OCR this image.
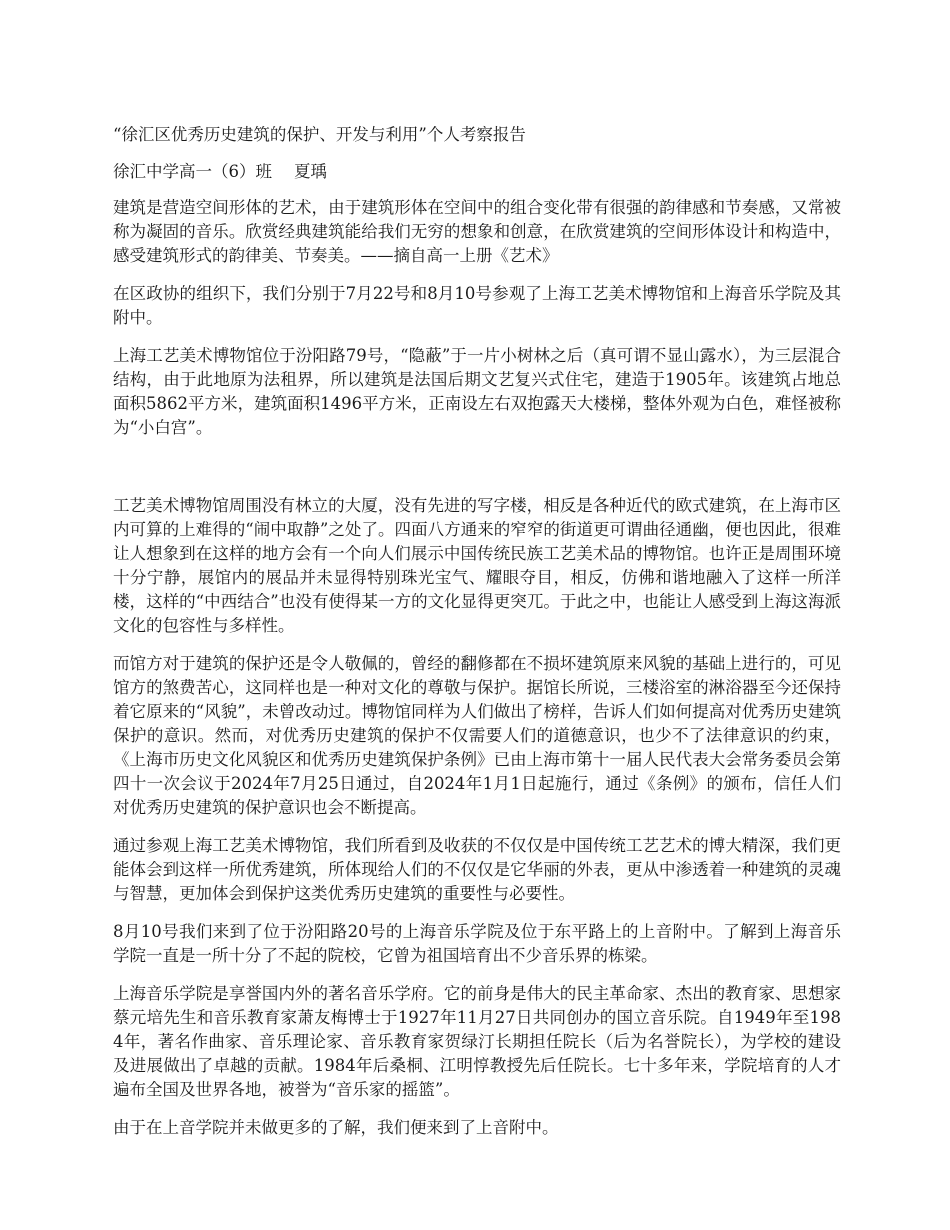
“徐汇区优秀历史建筑的保护、开发与利用”个人考察报告

徐汇中学高一（6）班 夏瑀

建筑是营造空间形体的艺术，由于建筑形体在空间中的组合变化带有很强的韵律感和节奏感，又常被称为凝固的音乐。欣赏经典建筑能给我们无穷的想象和创意，在欣赏建筑的空间形体设计和构造中，感受建筑形式的韵律美、节奏美。——摘自高一上册《艺术》

在区政协的组织下，我们分别于7月22号和8月10号参观了上海工艺美术博物馆和上海音乐学院及其附中。

上海工艺美术博物馆位于汾阳路79号，“隐蔽”于一片小树林之后（真可谓不显山露水），为三层混合结构，由于此地原为法租界，所以建筑是法国后期文艺复兴式住宅，建造于1905年。该建筑占地总面积5862平方米，建筑面积1496平方米，正南设左右双抱露天大楼梯，整体外观为白色，难怪被称为“小白宫”。

工艺美术博物馆周围没有林立的大厦，没有先进的写字楼，相反是各种近代的欧式建筑，在上海市区内可算的上难得的“闹中取静”之处了。四面八方通来的窄窄的街道更可谓曲径通幽，便也因此，很难让人想象到在这样的地方会有一个向人们展示中国传统民族工艺美术品的博物馆。也许正是周围环境十分宁静，展馆内的展品并未显得特别珠光宝气、耀眼夺目，相反，仿佛和谐地融入了这样一所洋楼，这样的“中西结合”也没有使得某一方的文化显得更突兀。于此之中，也能让人感受到上海这海派文化的包容性与多样性。

而馆方对于建筑的保护还是令人敬佩的，曾经的翻修都在不损坏建筑原来风貌的基础上进行的，可见馆方的煞费苦心，这同样也是一种对文化的尊敬与保护。据馆长所说，三楼浴室的淋浴器至今还保持着它原来的“风貌”，未曾改动过。博物馆同样为人们做出了榜样，告诉人们如何提高对优秀历史建筑保护的意识。然而，对优秀历史建筑的保护不仅需要人们的道德意识，也少不了法律意识的约束，《上海市历史文化风貌区和优秀历史建筑保护条例》已由上海市第十一届人民代表大会常务委员会第四十一次会议于2024年7月25日通过，自2024年1月1日起施行，通过《条例》的颁布，信任人们对优秀历史建筑的保护意识也会不断提高。

通过参观上海工艺美术博物馆，我们所看到及收获的不仅仅是中国传统工艺艺术的博大精深，我们更能体会到这样一所优秀建筑，所体现给人们的不仅仅是它华丽的外表，更从中渗透着一种建筑的灵魂与智慧，更加体会到保护这类优秀历史建筑的重要性与必要性。

8月10号我们来到了位于汾阳路20号的上海音乐学院及位于东平路上的上音附中。了解到上海音乐学院一直是一所十分了不起的院校，它曾为祖国培育出不少音乐界的栋梁。

上海音乐学院是享誉国内外的著名音乐学府。它的前身是伟大的民主革命家、杰出的教育家、思想家蔡元培先生和音乐教育家萧友梅博士于1927年11月27日共同创办的国立音乐院。自1949年至1984年，著名作曲家、音乐理论家、音乐教育家贺绿汀长期担任院长（后为名誉院长），为学校的建设及进展做出了卓越的贡献。1984年后桑桐、江明惇教授先后任院长。七十多年来，学院培育的人才遍布全国及世界各地，被誉为“音乐家的摇篮”。

由于在上音学院并未做更多的了解，我们便来到了上音附中。
